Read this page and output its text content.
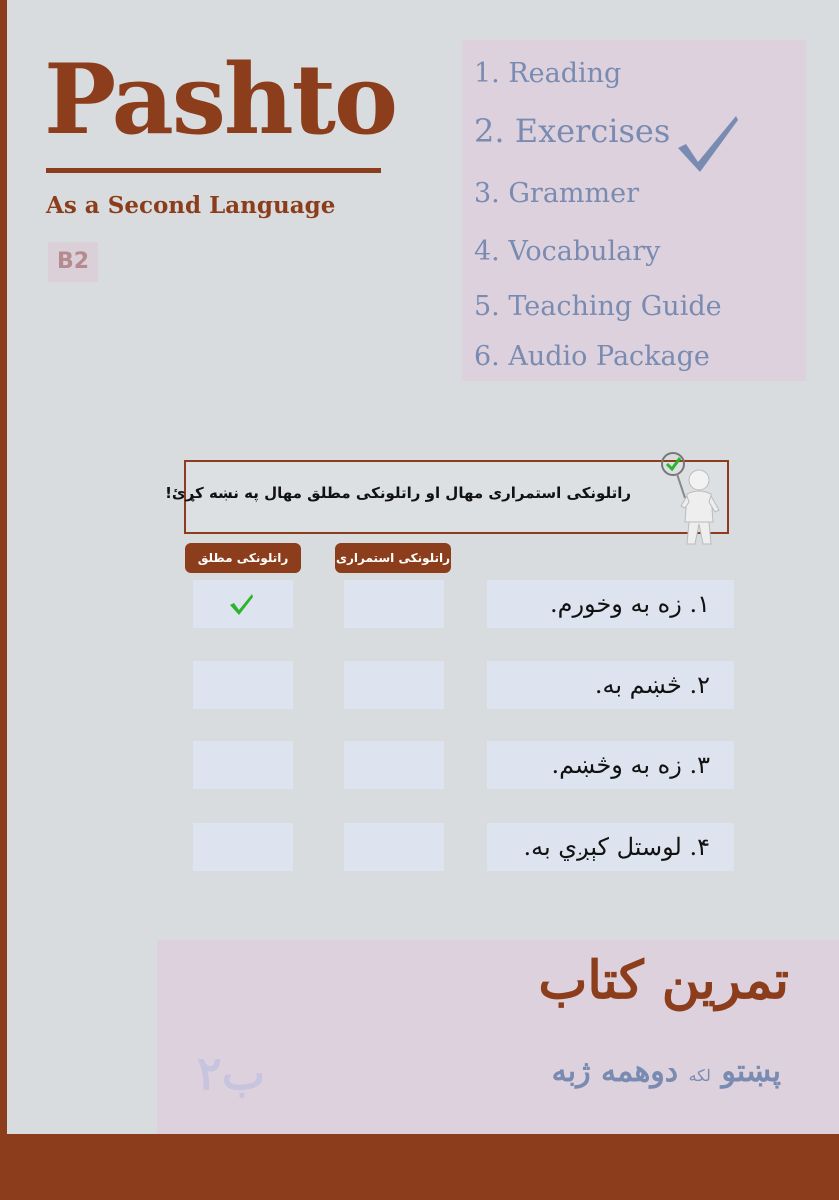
Pashto
As a Second Language
B2
1. Reading
2. Exercises
3. Grammer
4. Vocabulary
5. Teaching Guide
6. Audio Package
راتلونکی استمراری مهال او راتلونکی مطلق مهال په نښه کړئ!
راتلونکی مطلق	راتلونکی استمراری
١. زه به وخورم.
٢. څښم به.
٣. زه به وڅښم.
۴. لوستل کېږي به.
تمرین کتاب
پښتو لکه دوهمه ژبه
ب٢
